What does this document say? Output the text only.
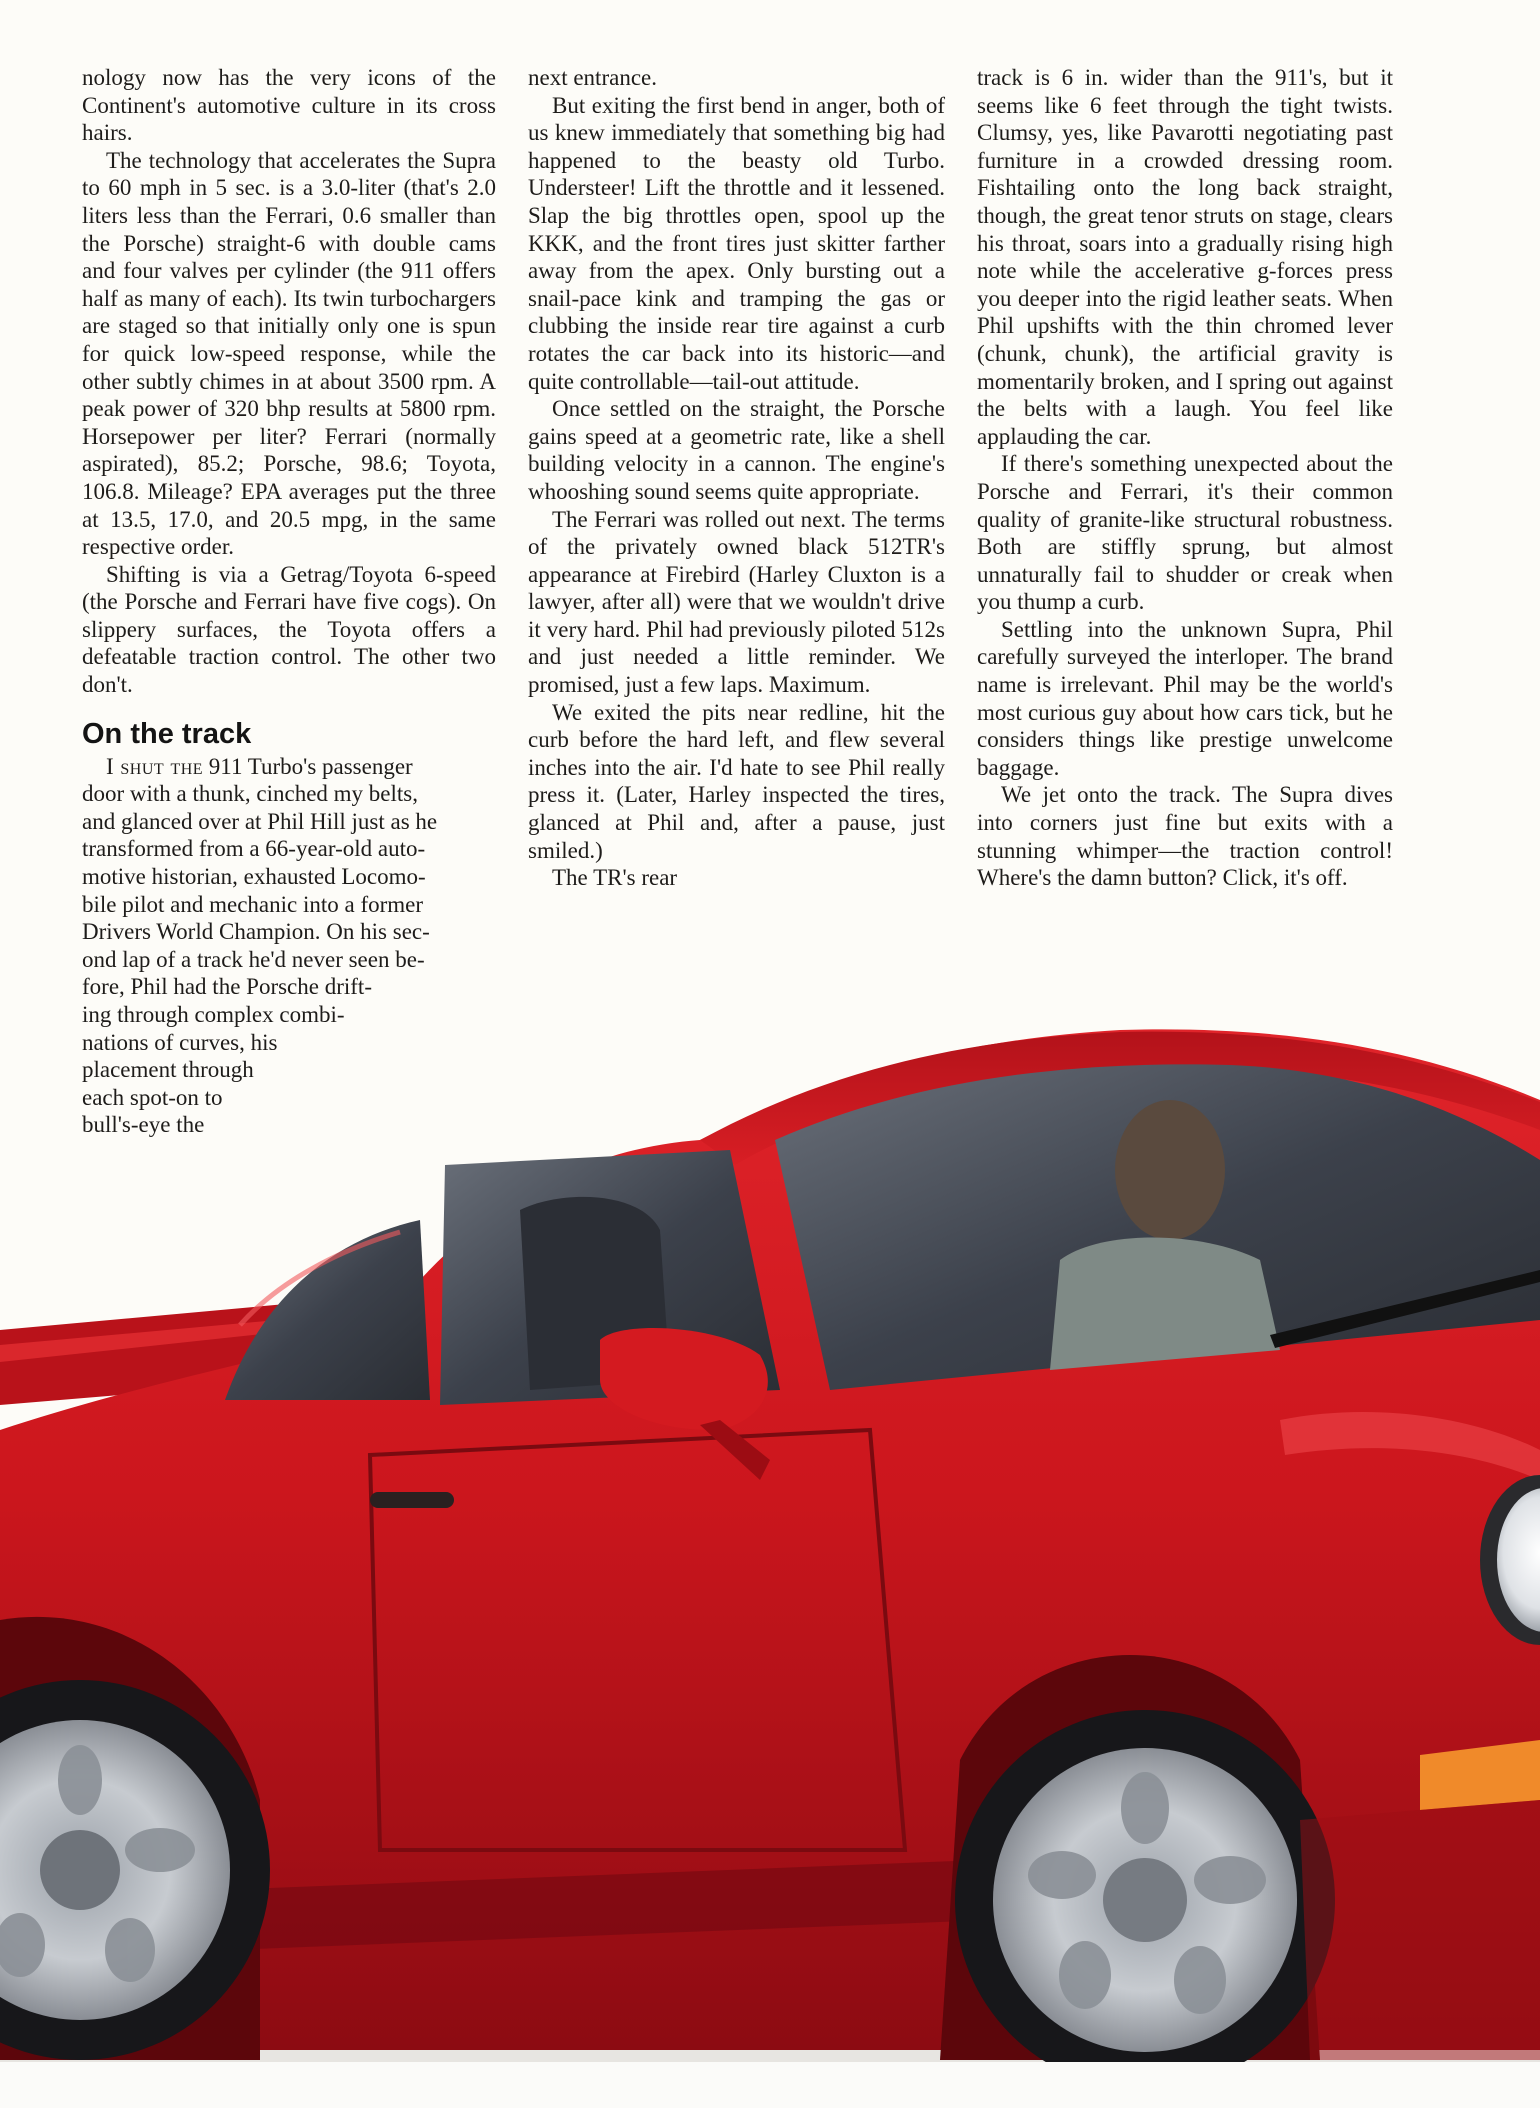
nology now has the very icons of the Continent's automotive culture in its cross hairs.

The technology that accelerates the Supra to 60 mph in 5 sec. is a 3.0-liter (that's 2.0 liters less than the Ferrari, 0.6 smaller than the Porsche) straight-6 with double cams and four valves per cylinder (the 911 offers half as many of each). Its twin turbochargers are staged so that initially only one is spun for quick low-speed response, while the other subtly chimes in at about 3500 rpm. A peak power of 320 bhp results at 5800 rpm. Horsepower per liter? Ferrari (normally aspirated), 85.2; Porsche, 98.6; Toyota, 106.8. Mileage? EPA averages put the three at 13.5, 17.0, and 20.5 mpg, in the same respective order.

Shifting is via a Getrag/Toyota 6-speed (the Porsche and Ferrari have five cogs). On slippery surfaces, the Toyota offers a defeatable traction control. The other two don't.

On the track

I shut the 911 Turbo's passenger
door with a thunk, cinched my belts,
and glanced over at Phil Hill just as he
transformed from a 66-year-old auto-
motive historian, exhausted Locomo-
bile pilot and mechanic into a former
Drivers World Champion. On his sec-
ond lap of a track he'd never seen be-
fore, Phil had the Porsche drift-
ing through complex combi-
nations of curves, his
placement through
each spot-on to
bull's-eye the

next entrance.

But exiting the first bend in anger, both of us knew immediately that something big had happened to the beasty old Turbo. Understeer! Lift the throttle and it lessened. Slap the big throttles open, spool up the KKK, and the front tires just skitter farther away from the apex. Only bursting out a snail-pace kink and tramping the gas or clubbing the inside rear tire against a curb rotates the car back into its historic—and quite controllable—tail-out attitude.

Once settled on the straight, the Porsche gains speed at a geometric rate, like a shell building velocity in a cannon. The engine's whooshing sound seems quite appropriate.

The Ferrari was rolled out next. The terms of the privately owned black 512TR's appearance at Firebird (Harley Cluxton is a lawyer, after all) were that we wouldn't drive it very hard. Phil had previously piloted 512s and just needed a little reminder. We promised, just a few laps. Maximum.

We exited the pits near redline, hit the curb before the hard left, and flew several inches into the air. I'd hate to see Phil really press it. (Later, Harley inspected the tires, glanced at Phil and, after a pause, just smiled.)

The TR's rear

track is 6 in. wider than the 911's, but it seems like 6 feet through the tight twists. Clumsy, yes, like Pavarotti negotiating past furniture in a crowded dressing room. Fishtailing onto the long back straight, though, the great tenor struts on stage, clears his throat, soars into a gradually rising high note while the accelerative g-forces press you deeper into the rigid leather seats. When Phil upshifts with the thin chromed lever (chunk, chunk), the artificial gravity is momentarily broken, and I spring out against the belts with a laugh. You feel like applauding the car.

If there's something unexpected about the Porsche and Ferrari, it's their common quality of granite-like structural robustness. Both are stiffly sprung, but almost unnaturally fail to shudder or creak when you thump a curb.

Settling into the unknown Supra, Phil carefully surveyed the interloper. The brand name is irrelevant. Phil may be the world's most curious guy about how cars tick, but he considers things like prestige unwelcome baggage.

We jet onto the track. The Supra dives into corners just fine but exits with a stunning whimper—the traction control! Where's the damn button? Click, it's off.
